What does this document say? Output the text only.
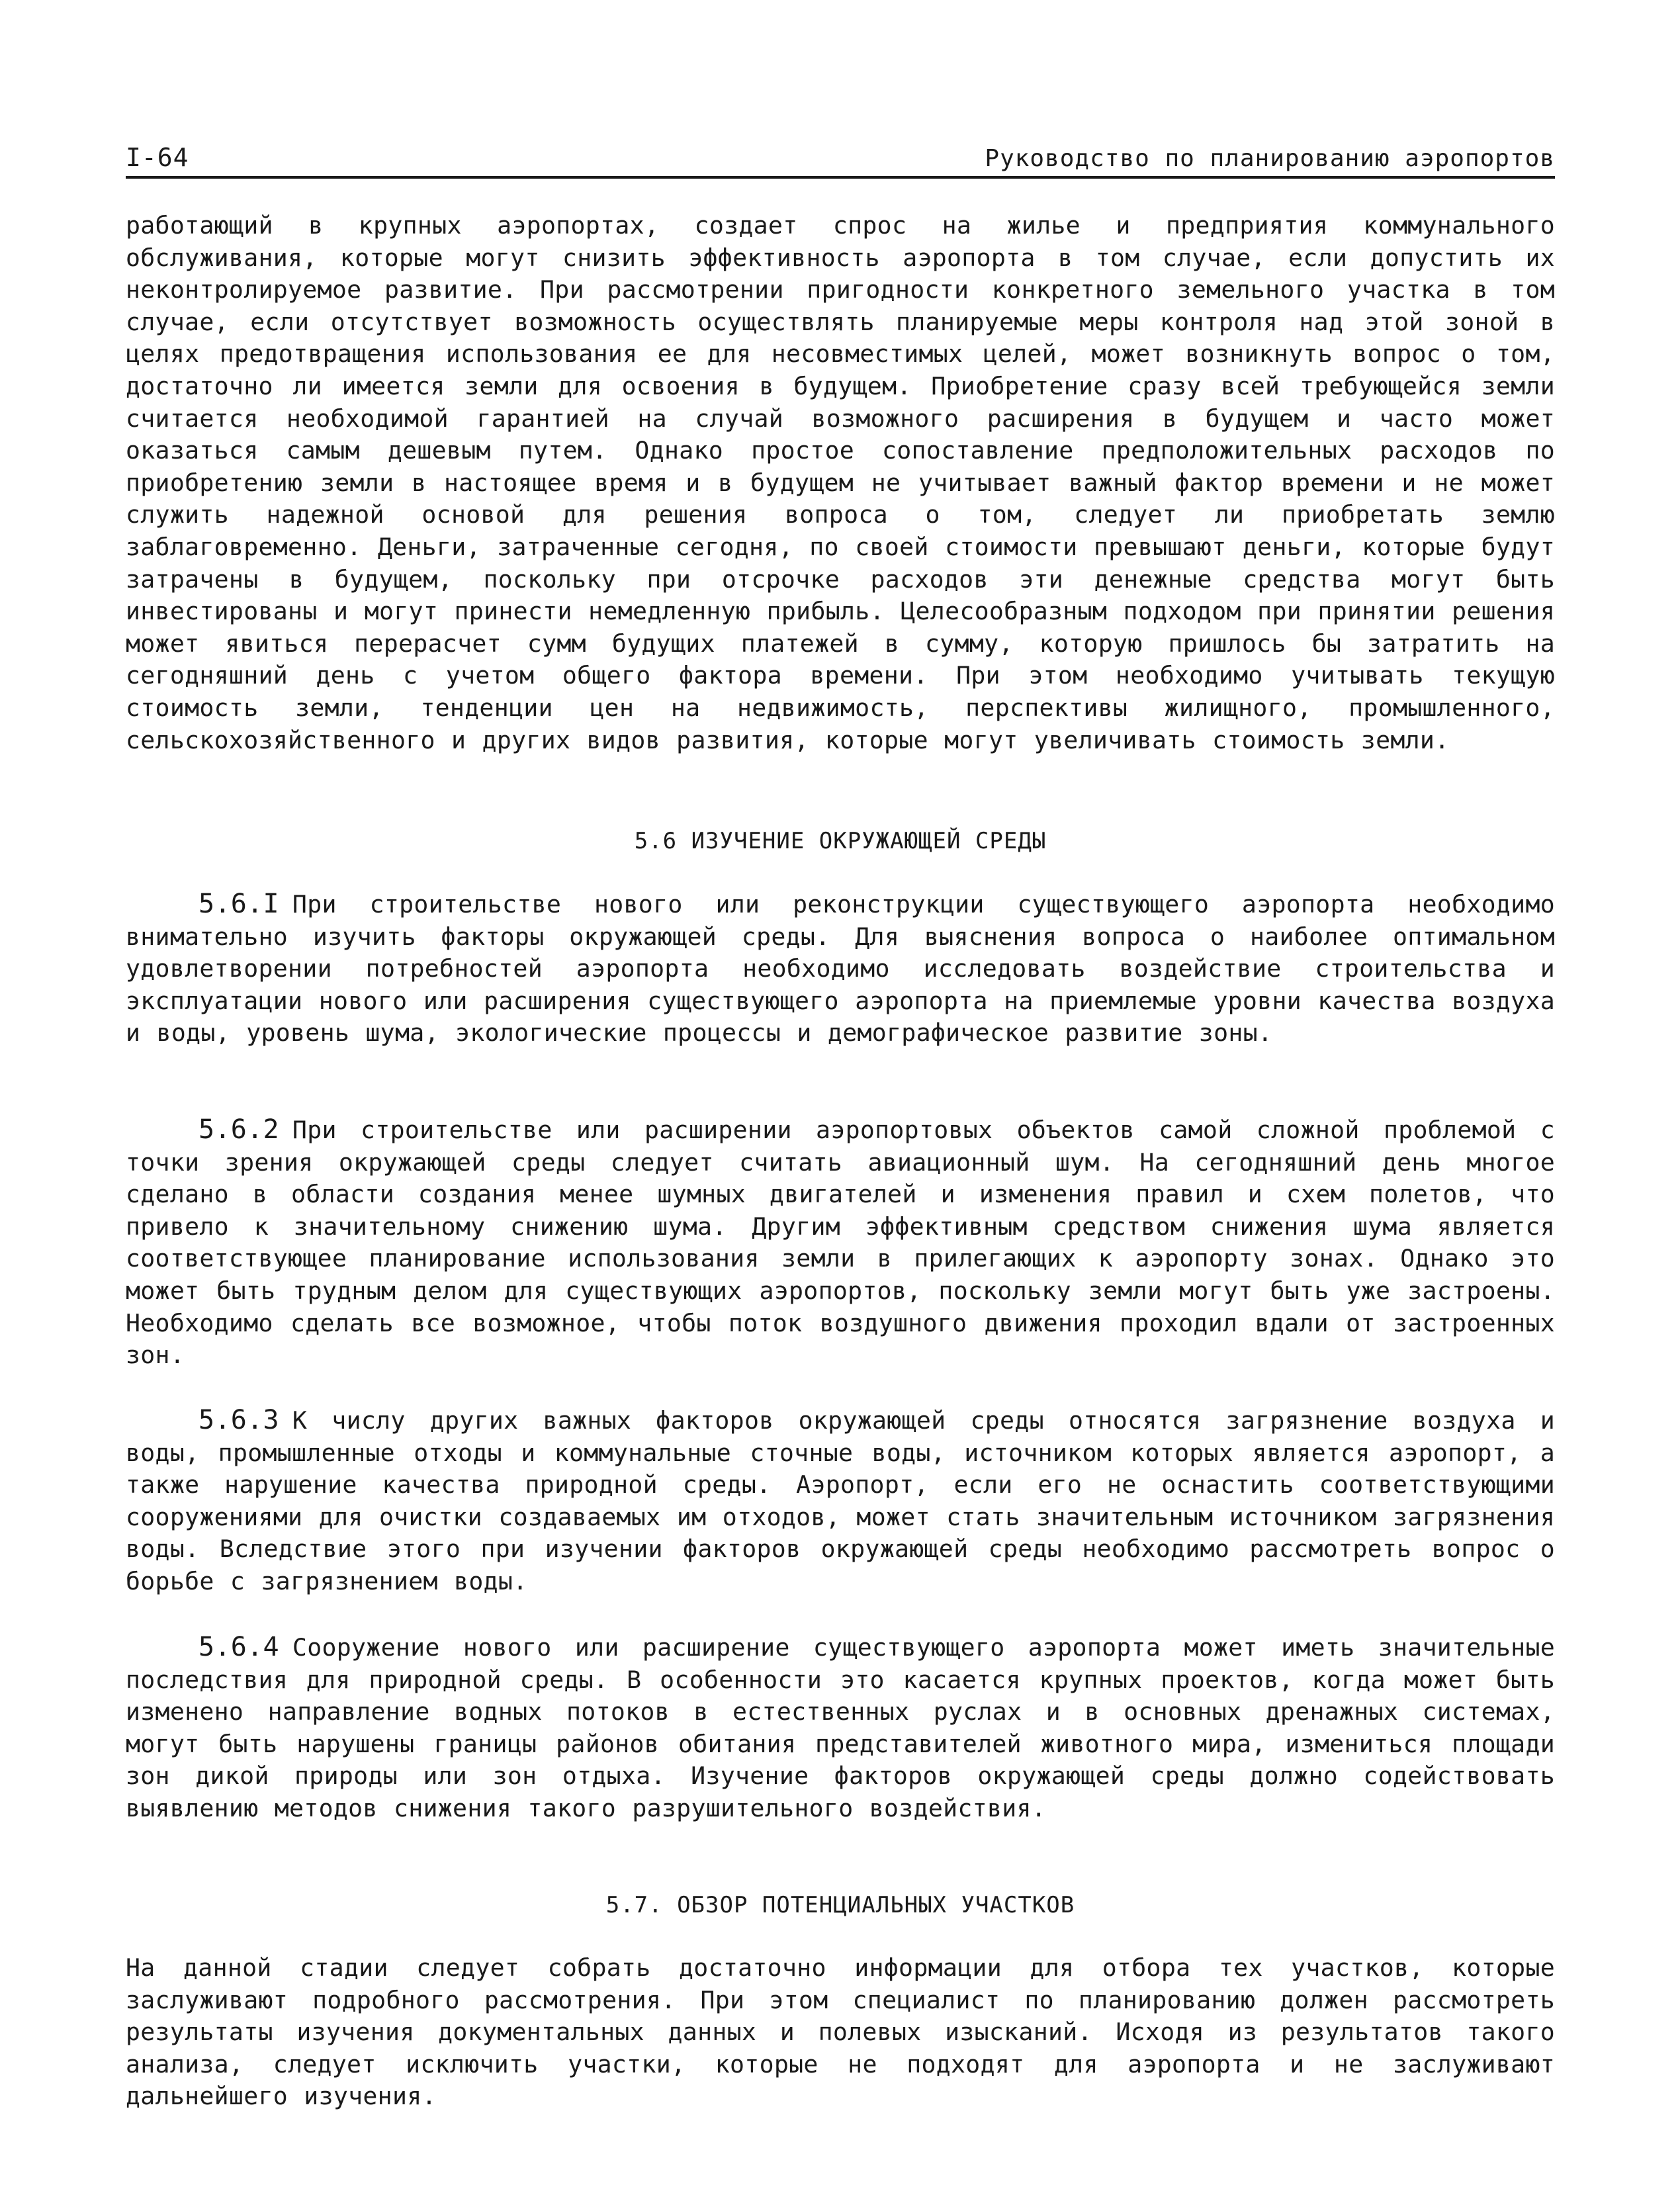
I-64	Руководство по планированию аэропортов
работающий в крупных аэропортах, создает спрос на жилье и предприятия коммунального обслуживания, которые могут снизить эффективность аэропорта в том случае, если допустить их неконтролируемое развитие. При рассмотрении пригодности конкретного земельного участка в том случае, если отсутствует возможность осуществлять планируемые меры контроля над этой зоной в целях предотвращения использования ее для несовместимых целей, может возникнуть вопрос о том, достаточно ли имеется земли для освоения в будущем. Приобретение сразу всей требующейся земли считается необходимой гарантией на случай возможного расширения в будущем и часто может оказаться самым дешевым путем. Однако простое сопоставление предположительных расходов по приобретению земли в настоящее время и в будущем не учитывает важный фактор времени и не может служить надежной основой для решения вопроса о том, следует ли приобретать землю заблаговременно. Деньги, затраченные сегодня, по своей стоимости превышают деньги, которые будут затрачены в будущем, поскольку при отсрочке расходов эти денежные средства могут быть инвестированы и могут принести немедленную прибыль. Целесообразным подходом при принятии решения может явиться перерасчет сумм будущих платежей в сумму, которую пришлось бы затратить на сегодняшний день с учетом общего фактора времени. При этом необходимо учитывать текущую стоимость земли, тенденции цен на недвижимость, перспективы жилищного, промышленного, сельскохозяйственного и других видов развития, которые могут увеличивать стоимость земли.
5.6 ИЗУЧЕНИЕ ОКРУЖАЮЩЕЙ СРЕДЫ
5.6.I При строительстве нового или реконструкции существующего аэропорта необходимо внимательно изучить факторы окружающей среды. Для выяснения вопроса о наиболее оптимальном удовлетворении потребностей аэропорта необходимо исследовать воздействие строительства и эксплуатации нового или расширения существующего аэропорта на приемлемые уровни качества воздуха и воды, уровень шума, экологические процессы и демографическое развитие зоны.
5.6.2 При строительстве или расширении аэропортовых объектов самой сложной проблемой с точки зрения окружающей среды следует считать авиационный шум. На сегодняшний день многое сделано в области создания менее шумных двигателей и изменения правил и схем полетов, что привело к значительному снижению шума. Другим эффективным средством снижения шума является соответствующее планирование использования земли в прилегающих к аэропорту зонах. Однако это может быть трудным делом для существующих аэропортов, поскольку земли могут быть уже застроены. Необходимо сделать все возможное, чтобы поток воздушного движения проходил вдали от застроенных зон.
5.6.3 К числу других важных факторов окружающей среды относятся загрязнение воздуха и воды, промышленные отходы и коммунальные сточные воды, источником которых является аэропорт, а также нарушение качества природной среды. Аэропорт, если его не оснастить соответствующими сооружениями для очистки создаваемых им отходов, может стать значительным источником загрязнения воды. Вследствие этого при изучении факторов окружающей среды необходимо рассмотреть вопрос о борьбе с загрязнением воды.
5.6.4 Сооружение нового или расширение существующего аэропорта может иметь значительные последствия для природной среды. В особенности это касается крупных проектов, когда может быть изменено направление водных потоков в естественных руслах и в основных дренажных системах, могут быть нарушены границы районов обитания представителей животного мира, измениться площади зон дикой природы или зон отдыха. Изучение факторов окружающей среды должно содействовать выявлению методов снижения такого разрушительного воздействия.
5.7. ОБЗОР ПОТЕНЦИАЛЬНЫХ УЧАСТКОВ
На данной стадии следует собрать достаточно информации для отбора тех участков, которые заслуживают подробного рассмотрения. При этом специалист по планированию должен рассмотреть результаты изучения документальных данных и полевых изысканий. Исходя из результатов такого анализа, следует исключить участки, которые не подходят для аэропорта и не заслуживают дальнейшего изучения.
